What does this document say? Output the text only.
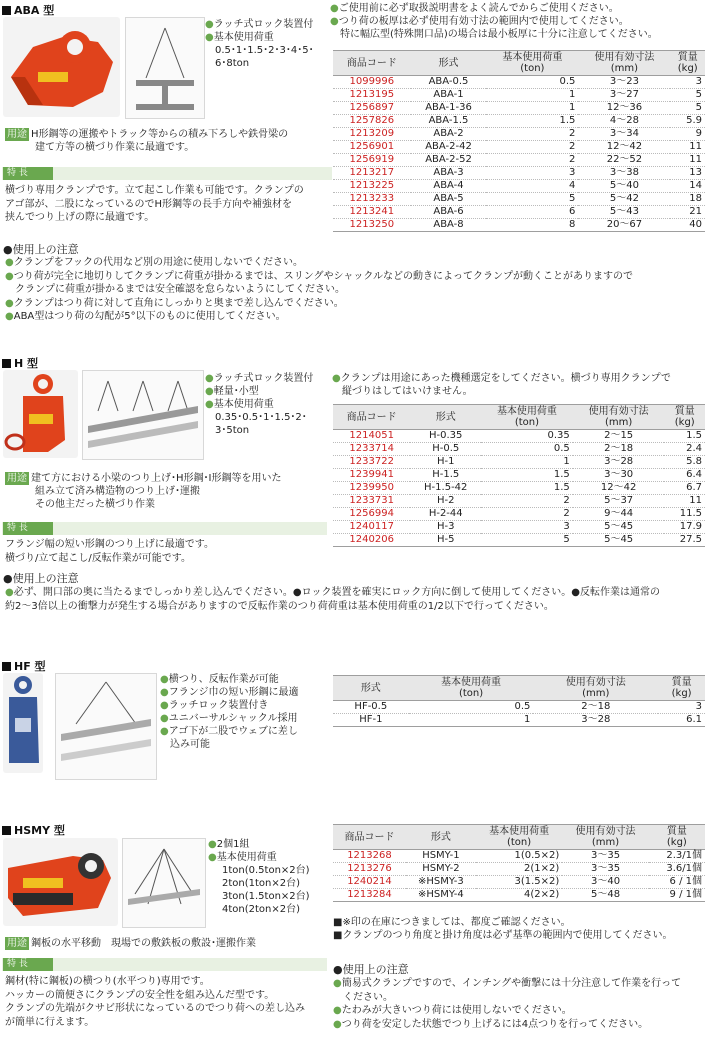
ABA 型
●ラッチ式ロック装置付
●基本使用荷重
0.5･1･1.5･2･3･4･5･
6･8ton
●ご使用前に必ず取扱説明書をよく読んでからご使用ください。
●つり荷の板厚は必ず使用有効寸法の範囲内で使用してください。
特に幅広型(特殊開口品)の場合は最小板厚に十分に注意してください。
用途 H形鋼等の運搬やトラック等からの積み下ろしや鉄骨梁の
建て方等の横づり作業に最適です。
特 長
横づり専用クランプです。立て起こし作業も可能です。クランプの
アゴ部が、二股になっているのでH形鋼等の長手方向や補強材を
挟んでつり上げの際に最適です。
商品コード	形式	基本使用荷重
(ton)	使用有効寸法
(mm)	質量
(kg)
1099996	ABA-0.5	0.5	3～23	3
1213195	ABA-1	1	3～27	5
1256897	ABA-1-36	1	12～36	5
1257826	ABA-1.5	1.5	4～28	5.9
1213209	ABA-2	2	3～34	9
1256901	ABA-2-42	2	12～42	11
1256919	ABA-2-52	2	22～52	11
1213217	ABA-3	3	3～38	13
1213225	ABA-4	4	5～40	14
1213233	ABA-5	5	5～42	18
1213241	ABA-6	6	5～43	21
1213250	ABA-8	8	20～67	40
●使用上の注意
●クランプをフックの代用など別の用途に使用しないでください。
●つり荷が完全に地切りしてクランプに荷重が掛かるまでは、スリングやシャックルなどの動きによってクランプが動くことがありますので
クランプに荷重が掛かるまでは安全確認を怠らないようにしてください。
●クランプはつり荷に対して直角にしっかりと奥まで差し込んでください。
●ABA型はつり荷の勾配が5°以下のものに使用してください。
H 型
●ラッチ式ロック装置付
●軽量･小型
●基本使用荷重
0.35･0.5･1･1.5･2･
3･5ton
●クランプは用途にあった機種選定をしてください。横づり専用クランプで
縦づりはしてはいけません。
用途 建て方における小梁のつり上げ･H形鋼･I形鋼等を用いた
組み立て済み構造物のつり上げ･運搬
その他主だった横づり作業
特 長
フランジ幅の短い形鋼のつり上げに最適です。
横づり/立て起こし/反転作業が可能です。
商品コード	形式	基本使用荷重
(ton)	使用有効寸法
(mm)	質量
(kg)
1214051	H-0.35	0.35	2～15	1.5
1233714	H-0.5	0.5	2～18	2.4
1233722	H-1	1	3～28	5.8
1239941	H-1.5	1.5	3～30	6.4
1239950	H-1.5-42	1.5	12～42	6.7
1233731	H-2	2	5～37	11
1256994	H-2-44	2	9～44	11.5
1240117	H-3	3	5～45	17.9
1240206	H-5	5	5～45	27.5
●使用上の注意
●必ず、開口部の奥に当たるまでしっかり差し込んでください。●ロック装置を確実にロック方向に倒して使用してください。●反転作業は通常の
約2～3倍以上の衝撃力が発生する場合がありますので反転作業のつり荷荷重は基本使用荷重の1/2以下で行ってください。
HF 型
●横つり、反転作業が可能
●フランジ巾の短い形鋼に最適
●ラッチロック装置付き
●ユニバーサルシャックル採用
●アゴ下が二股でウェブに差し
込み可能
形式	基本使用荷重
(ton)	使用有効寸法
(mm)	質量
(kg)
HF-0.5	0.5	2～18	3
HF-1	1	3～28	6.1
HSMY 型
●2個1組
●基本使用荷重
1ton(0.5ton×2台)
2ton(1ton×2台)
3ton(1.5ton×2台)
4ton(2ton×2台)
用途 鋼板の水平移動　現場での敷鉄板の敷設･運搬作業
特 長
鋼材(特に鋼板)の横つり(水平つり)専用です。
ハッカーの簡便さにクランプの安全性を組み込んだ型です。
クランプの先端がクサビ形状になっているのでつり荷への差し込み
が簡単に行えます。
商品コード	形式	基本使用荷重
(ton)	使用有効寸法
(mm)	質量
(kg)
1213268	HSMY-1	1(0.5×2)	3～35	2.3/1個
1213276	HSMY-2	2(1×2)	3～35	3.6/1個
1240214	※HSMY-3	3(1.5×2)	3～40	6 / 1個
1213284	※HSMY-4	4(2×2)	5～48	9 / 1個
■※印の在庫につきましては、都度ご確認ください。
■クランプのつり角度と掛け角度は必ず基準の範囲内で使用してください。
●使用上の注意
●簡易式クランプですので、インチングや衝撃には十分注意して作業を行って
ください。
●たわみが大きいつり荷には使用しないでください。
●つり荷を安定した状態でつり上げるには4点つりを行ってください。
